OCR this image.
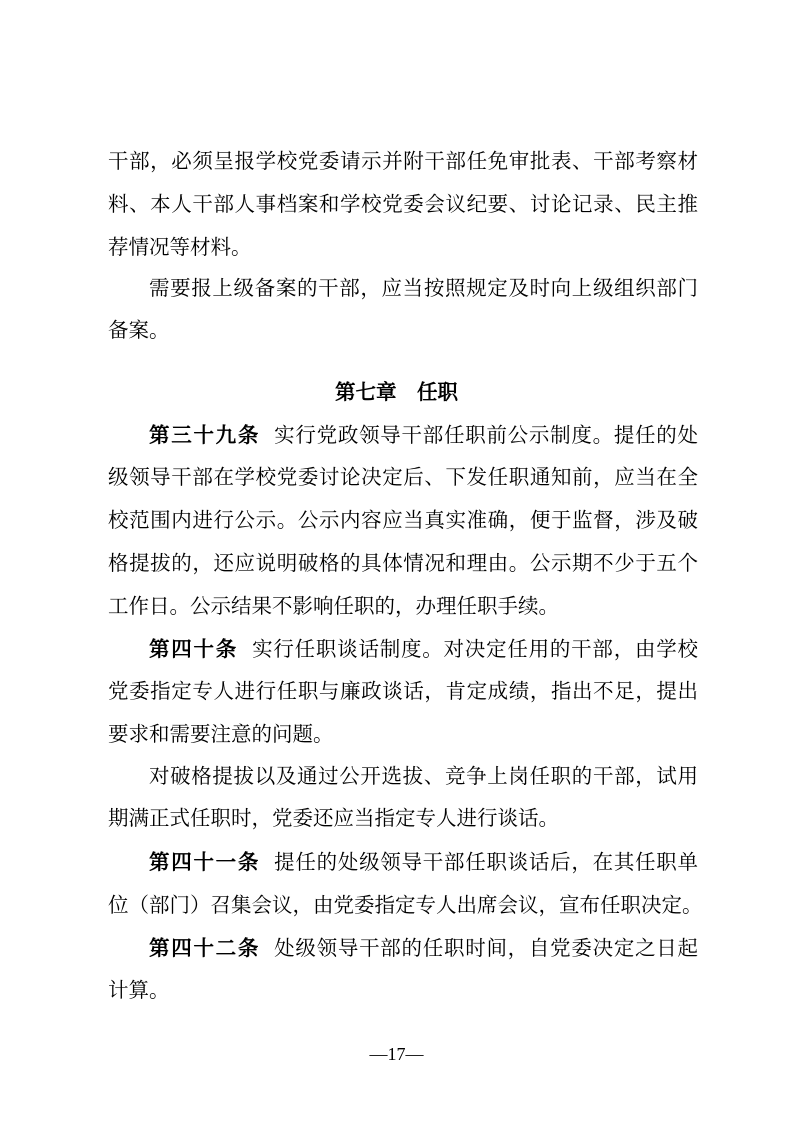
干部，必须呈报学校党委请示并附干部任免审批表、干部考察材
料、本人干部人事档案和学校党委会议纪要、讨论记录、民主推
荐情况等材料。
需要报上级备案的干部，应当按照规定及时向上级组织部门
备案。
第七章　任职
第三十九条 实行党政领导干部任职前公示制度。提任的处
级领导干部在学校党委讨论决定后、下发任职通知前，应当在全
校范围内进行公示。公示内容应当真实准确，便于监督，涉及破
格提拔的，还应说明破格的具体情况和理由。公示期不少于五个
工作日。公示结果不影响任职的，办理任职手续。
第四十条 实行任职谈话制度。对决定任用的干部，由学校
党委指定专人进行任职与廉政谈话，肯定成绩，指出不足，提出
要求和需要注意的问题。
对破格提拔以及通过公开选拔、竞争上岗任职的干部，试用
期满正式任职时，党委还应当指定专人进行谈话。
第四十一条 提任的处级领导干部任职谈话后，在其任职单
位（部门）召集会议，由党委指定专人出席会议，宣布任职决定。
第四十二条 处级领导干部的任职时间，自党委决定之日起
计算。
—17—
